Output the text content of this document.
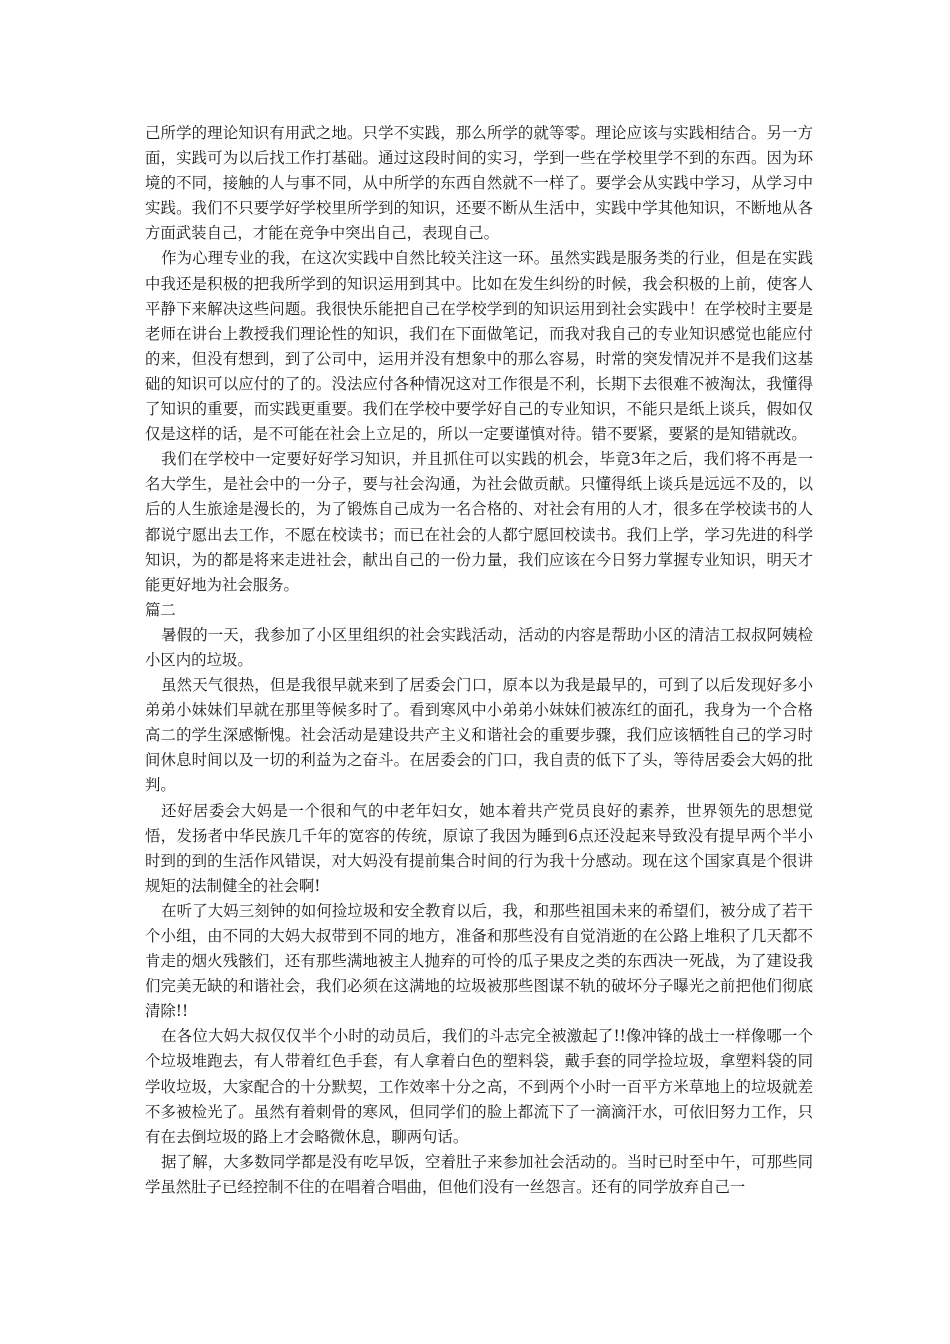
己所学的理论知识有用武之地。只学不实践，那么所学的就等零。理论应该与实践相结合。另一方面，实践可为以后找工作打基础。通过这段时间的实习，学到一些在学校里学不到的东西。因为环境的不同，接触的人与事不同，从中所学的东西自然就不一样了。要学会从实践中学习，从学习中实践。我们不只要学好学校里所学到的知识，还要不断从生活中，实践中学其他知识，不断地从各方面武装自己，才能在竞争中突出自己，表现自己。

作为心理专业的我，在这次实践中自然比较关注这一环。虽然实践是服务类的行业，但是在实践中我还是积极的把我所学到的知识运用到其中。比如在发生纠纷的时候，我会积极的上前，使客人平静下来解决这些问题。我很快乐能把自己在学校学到的知识运用到社会实践中！在学校时主要是老师在讲台上教授我们理论性的知识，我们在下面做笔记，而我对我自己的专业知识感觉也能应付的来，但没有想到，到了公司中，运用并没有想象中的那么容易，时常的突发情况并不是我们这基础的知识可以应付的了的。没法应付各种情况这对工作很是不利，长期下去很难不被淘汰，我懂得了知识的重要，而实践更重要。我们在学校中要学好自己的专业知识，不能只是纸上谈兵，假如仅仅是这样的话，是不可能在社会上立足的，所以一定要谨慎对待。错不要紧，要紧的是知错就改。

我们在学校中一定要好好学习知识，并且抓住可以实践的机会，毕竟3年之后，我们将不再是一名大学生，是社会中的一分子，要与社会沟通，为社会做贡献。只懂得纸上谈兵是远远不及的，以后的人生旅途是漫长的，为了锻炼自己成为一名合格的、对社会有用的人才，很多在学校读书的人都说宁愿出去工作，不愿在校读书；而已在社会的人都宁愿回校读书。我们上学，学习先进的科学知识，为的都是将来走进社会，献出自己的一份力量，我们应该在今日努力掌握专业知识，明天才能更好地为社会服务。

篇二

暑假的一天，我参加了小区里组织的社会实践活动，活动的内容是帮助小区的清洁工叔叔阿姨检小区内的垃圾。

虽然天气很热，但是我很早就来到了居委会门口，原本以为我是最早的，可到了以后发现好多小弟弟小妹妹们早就在那里等候多时了。看到寒风中小弟弟小妹妹们被冻红的面孔，我身为一个合格高二的学生深感惭愧。社会活动是建设共产主义和谐社会的重要步骤，我们应该牺牲自己的学习时间休息时间以及一切的利益为之奋斗。在居委会的门口，我自责的低下了头，等待居委会大妈的批判。

还好居委会大妈是一个很和气的中老年妇女，她本着共产党员良好的素养，世界领先的思想觉悟，发扬者中华民族几千年的宽容的传统，原谅了我因为睡到6点还没起来导致没有提早两个半小时到的到的生活作风错误，对大妈没有提前集合时间的行为我十分感动。现在这个国家真是个很讲规矩的法制健全的社会啊!

在听了大妈三刻钟的如何捡垃圾和安全教育以后，我，和那些祖国未来的希望们，被分成了若干个小组，由不同的大妈大叔带到不同的地方，准备和那些没有自觉消逝的在公路上堆积了几天都不肯走的烟火残骸们，还有那些满地被主人抛弃的可怜的瓜子果皮之类的东西决一死战，为了建设我们完美无缺的和谐社会，我们必须在这满地的垃圾被那些图谋不轨的破坏分子曝光之前把他们彻底清除!!

在各位大妈大叔仅仅半个小时的动员后，我们的斗志完全被激起了!!像冲锋的战士一样像哪一个个垃圾堆跑去，有人带着红色手套，有人拿着白色的塑料袋，戴手套的同学捡垃圾，拿塑料袋的同学收垃圾，大家配合的十分默契，工作效率十分之高，不到两个小时一百平方米草地上的垃圾就差不多被检光了。虽然有着刺骨的寒风，但同学们的脸上都流下了一滴滴汗水，可依旧努力工作，只有在去倒垃圾的路上才会略微休息，聊两句话。

据了解，大多数同学都是没有吃早饭，空着肚子来参加社会活动的。当时已时至中午，可那些同学虽然肚子已经控制不住的在唱着合唱曲，但他们没有一丝怨言。还有的同学放弃自己一
